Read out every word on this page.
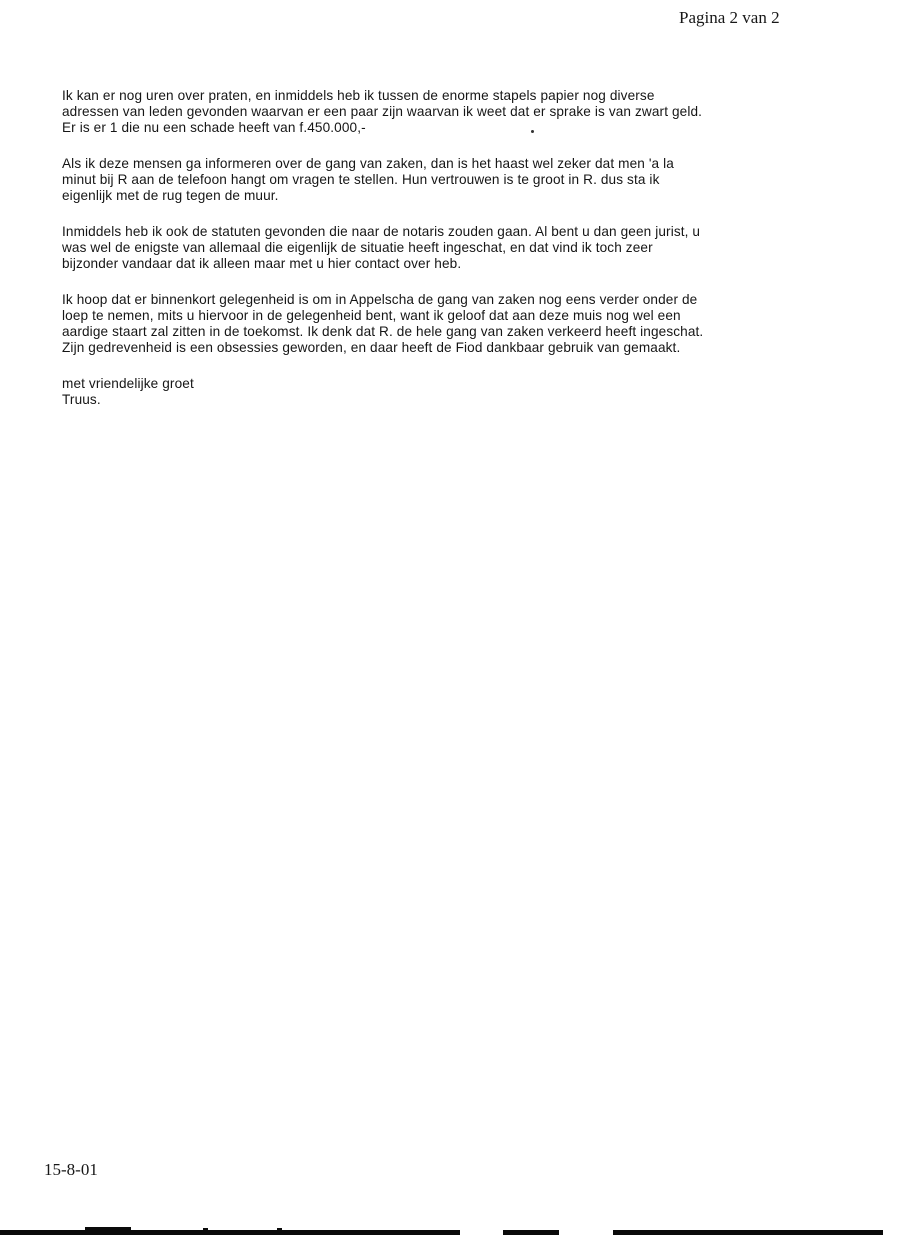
Pagina 2 van 2
Ik kan er nog uren over praten, en inmiddels heb ik tussen de enorme stapels papier nog diverse
adressen van leden gevonden waarvan er een paar zijn waarvan ik weet dat er sprake is van zwart geld.
Er is er 1 die nu een schade heeft van f.450.000,-
Als ik deze mensen ga informeren over de gang van zaken, dan is het haast wel zeker dat men 'a la
minut bij R aan de telefoon hangt om vragen te stellen. Hun vertrouwen is te groot in R. dus sta ik
eigenlijk met de rug tegen de muur.
Inmiddels heb ik ook de statuten gevonden die naar de notaris zouden gaan. Al bent u dan geen jurist, u
was wel de enigste van allemaal die eigenlijk de situatie heeft ingeschat, en dat vind ik toch zeer
bijzonder vandaar dat ik alleen maar met u hier contact over heb.
Ik hoop dat er binnenkort gelegenheid is om in Appelscha de gang van zaken nog eens verder onder de
loep te nemen, mits u hiervoor in de gelegenheid bent, want ik geloof dat aan deze muis nog wel een
aardige staart zal zitten in de toekomst. Ik denk dat R. de hele gang van zaken verkeerd heeft ingeschat.
Zijn gedrevenheid is een obsessies geworden, en daar heeft de Fiod dankbaar gebruik van gemaakt.
met vriendelijke groet
Truus.
15-8-01
